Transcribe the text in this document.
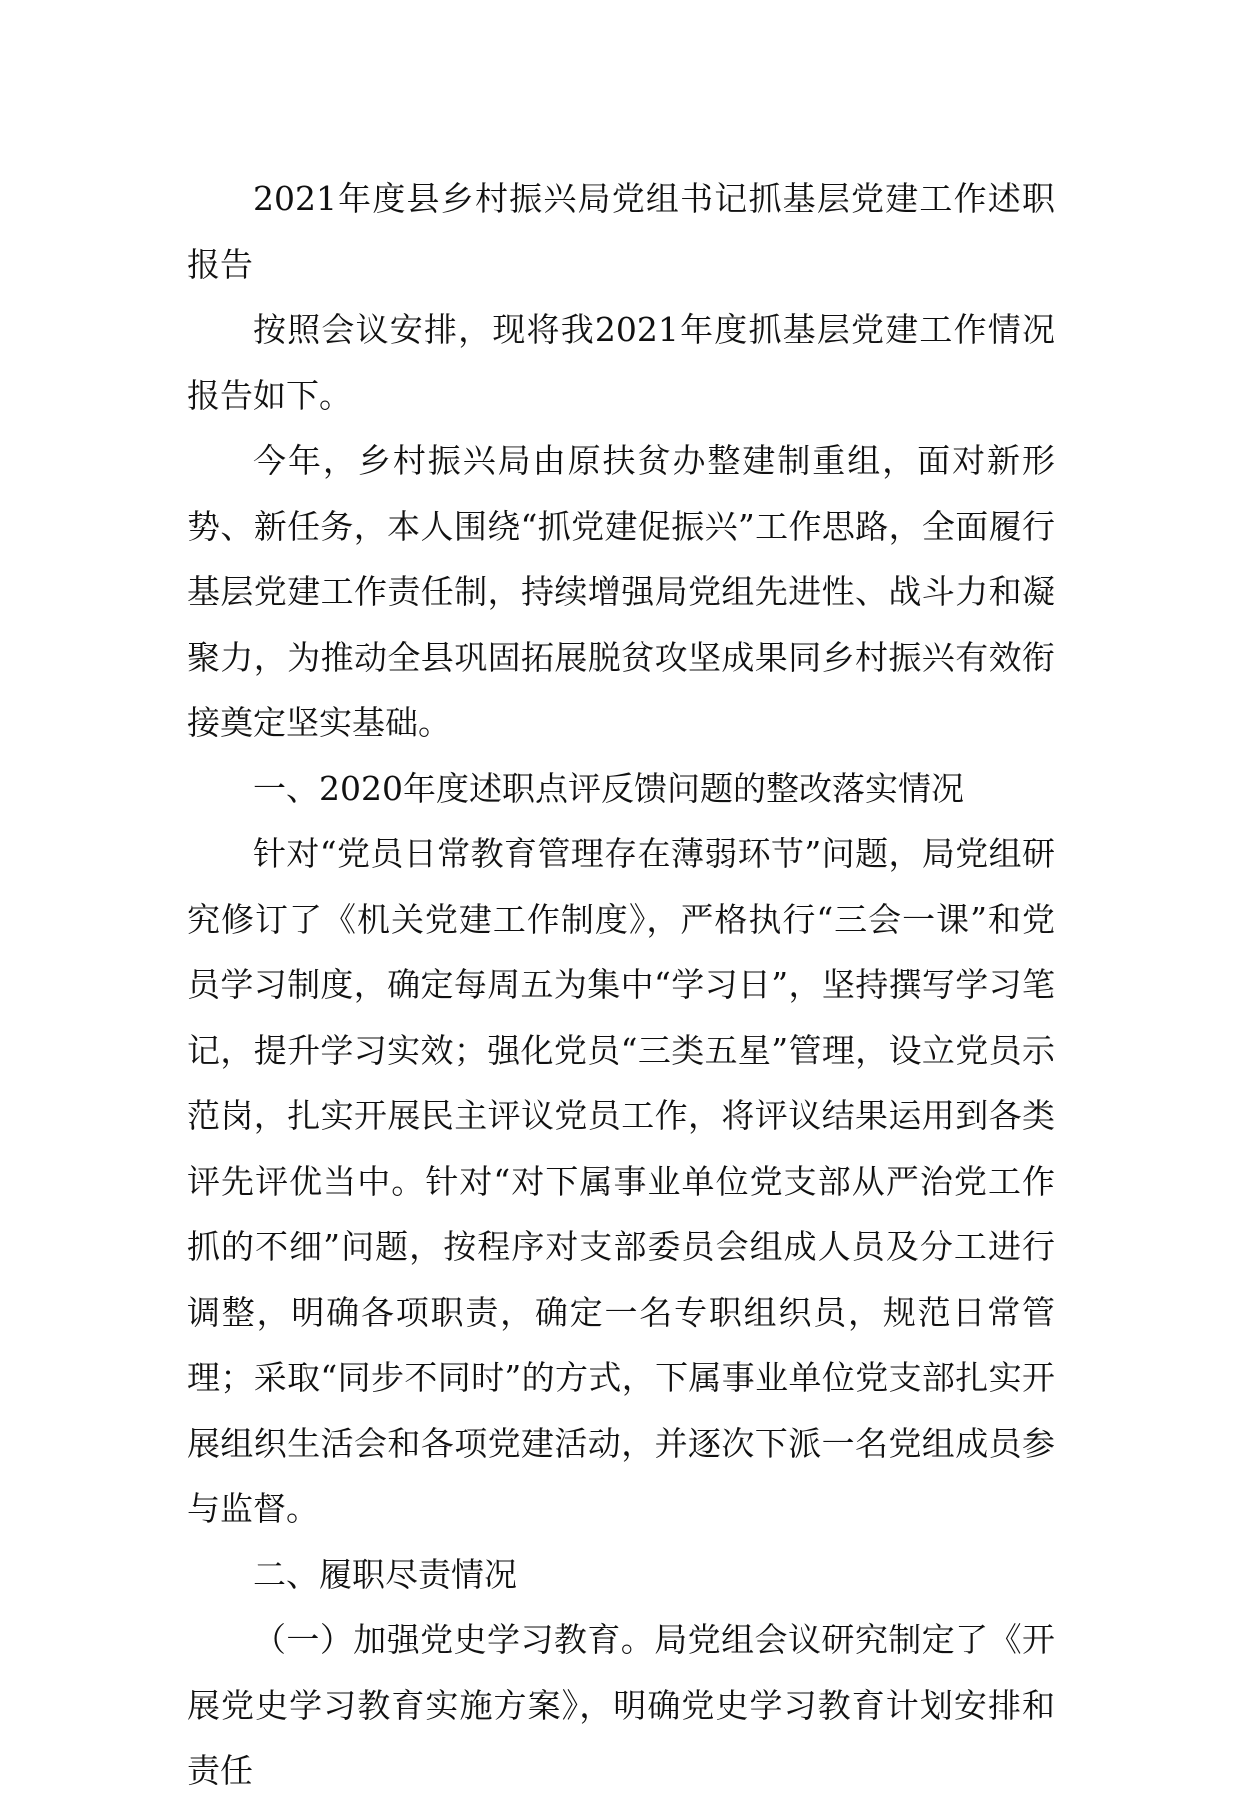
2021年度县乡村振兴局党组书记抓基层党建工作述职报告

按照会议安排，现将我2021年度抓基层党建工作情况报告如下。

今年，乡村振兴局由原扶贫办整建制重组，面对新形势、新任务，本人围绕“抓党建促振兴”工作思路，全面履行基层党建工作责任制，持续增强局党组先进性、战斗力和凝聚力，为推动全县巩固拓展脱贫攻坚成果同乡村振兴有效衔接奠定坚实基础。

一、2020年度述职点评反馈问题的整改落实情况

针对“党员日常教育管理存在薄弱环节”问题，局党组研究修订了《机关党建工作制度》，严格执行“三会一课”和党员学习制度，确定每周五为集中“学习日”，坚持撰写学习笔记，提升学习实效；强化党员“三类五星”管理，设立党员示范岗，扎实开展民主评议党员工作，将评议结果运用到各类评先评优当中。针对“对下属事业单位党支部从严治党工作抓的不细”问题，按程序对支部委员会组成人员及分工进行调整，明确各项职责，确定一名专职组织员，规范日常管理；采取“同步不同时”的方式，下属事业单位党支部扎实开展组织生活会和各项党建活动，并逐次下派一名党组成员参与监督。

二、履职尽责情况

（一）加强党史学习教育。局党组会议研究制定了《开展党史学习教育实施方案》，明确党史学习教育计划安排和责任
